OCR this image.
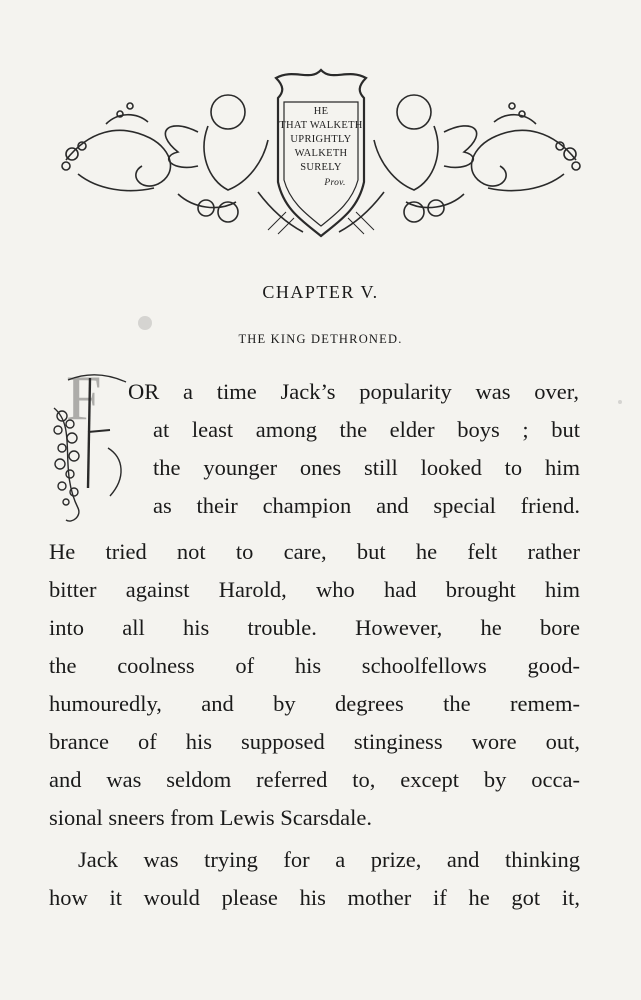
HE
THAT WALKETH
UPRIGHTLY
WALKETH
SURELY
Prov.
CHAPTER V.
THE KING DETHRONED.
F OR a time Jack’s popularity was over,
at least among the elder boys ; but
the younger ones still looked to him
as their champion and special friend.
He tried not to care, but he felt rather
bitter against Harold, who had brought him
into all his trouble. However, he bore
the coolness of his schoolfellows good-
humouredly, and by degrees the remem-
brance of his supposed stinginess wore out,
and was seldom referred to, except by occa-
sional sneers from Lewis Scarsdale.
Jack was trying for a prize, and thinking
how it would please his mother if he got it,
